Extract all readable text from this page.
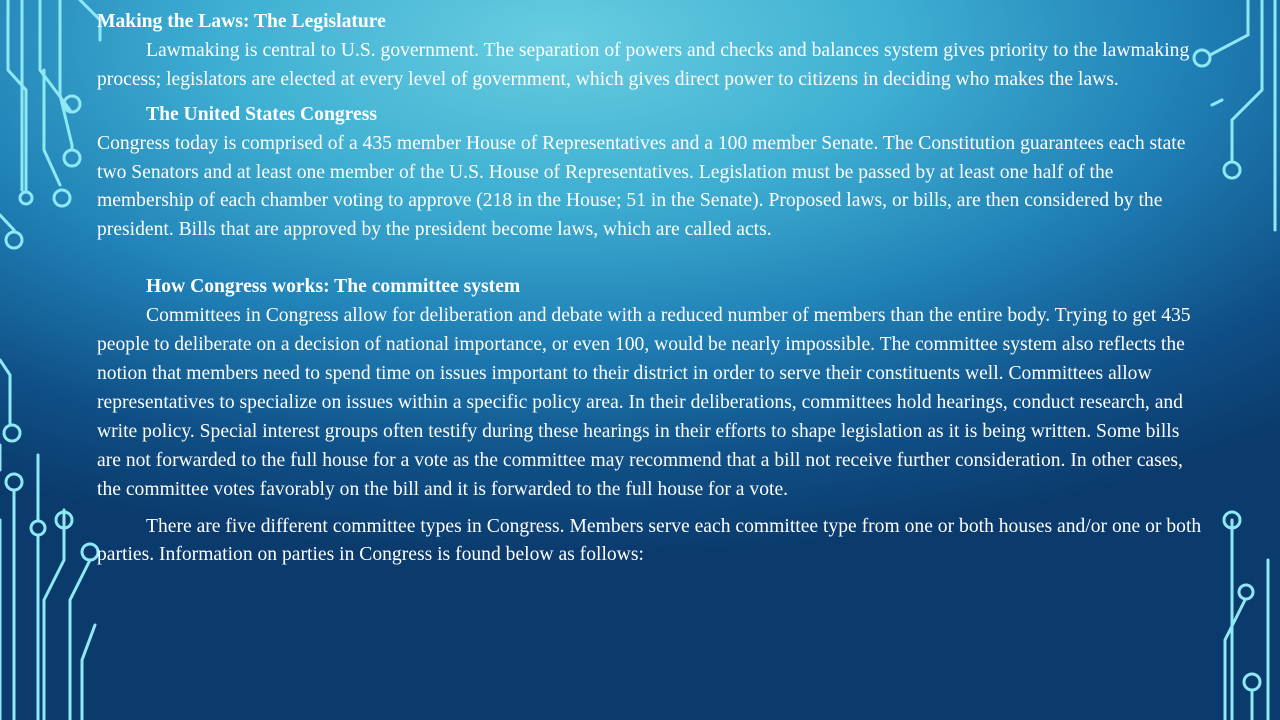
Making the Laws: The Legislature

Lawmaking is central to U.S. government. The separation of powers and checks and balances system gives priority to the lawmaking process; legislators are elected at every level of government, which gives direct power to citizens in deciding who makes the laws.

The United States Congress

Congress today is comprised of a 435 member House of Representatives and a 100 member Senate. The Constitution guarantees each state two Senators and at least one member of the U.S. House of Representatives. Legislation must be passed by at least one half of the membership of each chamber voting to approve (218 in the House; 51 in the Senate). Proposed laws, or bills, are then considered by the president. Bills that are approved by the president become laws, which are called acts.

How Congress works: The committee system

Committees in Congress allow for deliberation and debate with a reduced number of members than the entire body. Trying to get 435 people to deliberate on a decision of national importance, or even 100, would be nearly impossible. The committee system also reflects the notion that members need to spend time on issues important to their district in order to serve their constituents well. Committees allow representatives to specialize on issues within a specific policy area. In their deliberations, committees hold hearings, conduct research, and write policy. Special interest groups often testify during these hearings in their efforts to shape legislation as it is being written. Some bills are not forwarded to the full house for a vote as the committee may recommend that a bill not receive further consideration. In other cases, the committee votes favorably on the bill and it is forwarded to the full house for a vote.

There are five different committee types in Congress. Members serve each committee type from one or both houses and/or one or both parties. Information on parties in Congress is found below as follows:
